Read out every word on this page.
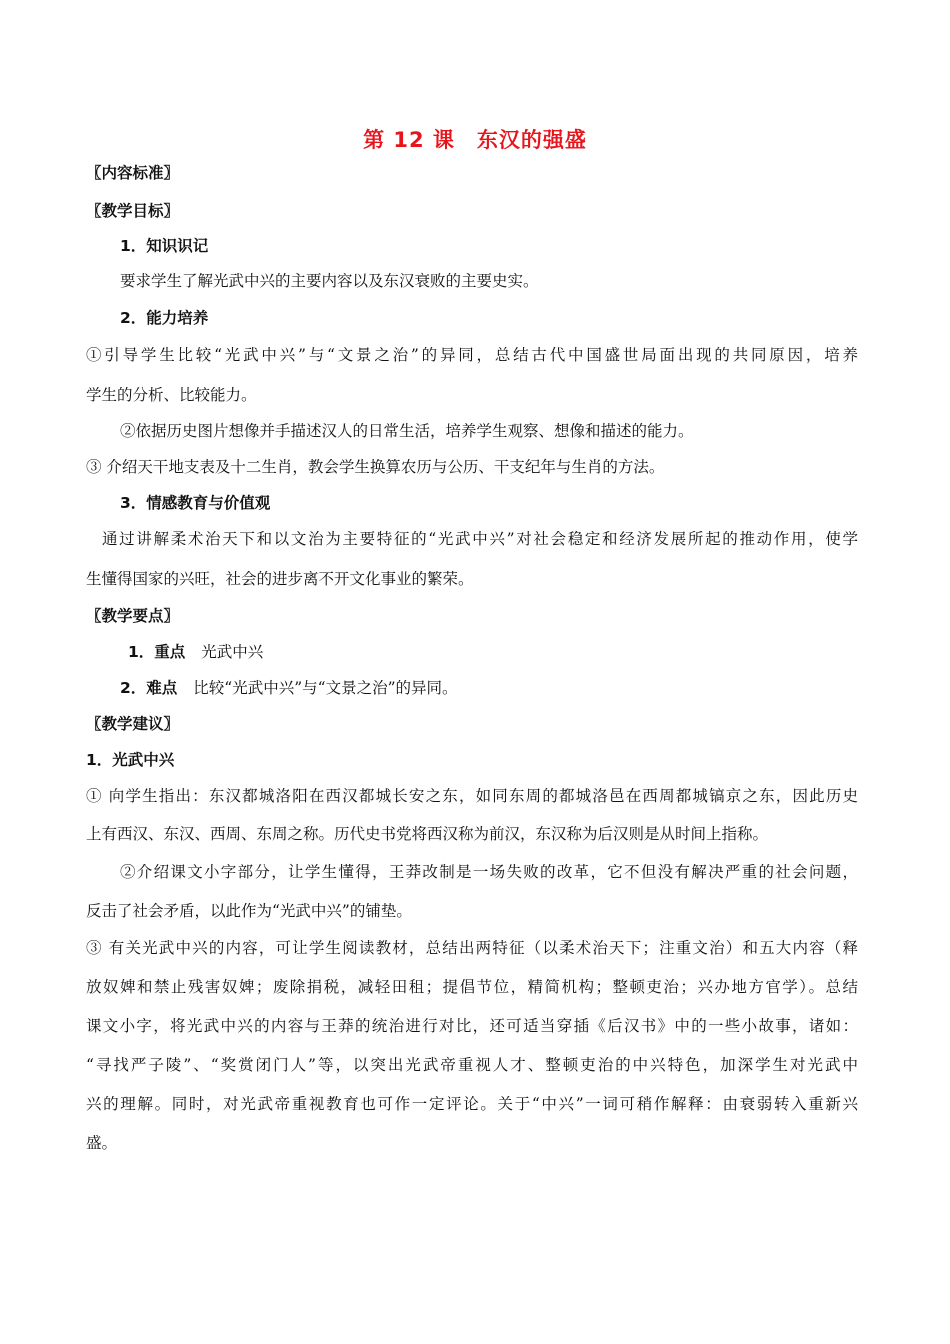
第 12 课　东汉的强盛
〖内容标准〗
〖教学目标〗
1．知识识记
要求学生了解光武中兴的主要内容以及东汉衰败的主要史实。
2．能力培养
①引导学生比较“光武中兴”与“文景之治”的异同，总结古代中国盛世局面出现的共同原因，培养
学生的分析、比较能力。
②依据历史图片想像并手描述汉人的日常生活，培养学生观察、想像和描述的能力。
③ 介绍天干地支表及十二生肖，教会学生换算农历与公历、干支纪年与生肖的方法。
3．情感教育与价值观
通过讲解柔术治天下和以文治为主要特征的“光武中兴”对社会稳定和经济发展所起的推动作用，使学
生懂得国家的兴旺，社会的进步离不开文化事业的繁荣。
〖教学要点〗
1．重点 光武中兴
2．难点 比较“光武中兴”与“文景之治”的异同。
〖教学建议〗
1．光武中兴
① 向学生指出：东汉都城洛阳在西汉都城长安之东，如同东周的都城洛邑在西周都城镐京之东，因此历史
上有西汉、东汉、西周、东周之称。历代史书党将西汉称为前汉，东汉称为后汉则是从时间上指称。
②介绍课文小字部分，让学生懂得，王莽改制是一场失败的改革，它不但没有解决严重的社会问题，
反击了社会矛盾，以此作为“光武中兴”的铺垫。
③ 有关光武中兴的内容，可让学生阅读教材，总结出两特征（以柔术治天下；注重文治）和五大内容（释
放奴婢和禁止残害奴婢；废除捐税，减轻田租；提倡节位，精简机构；整顿吏治；兴办地方官学）。总结
课文小字，将光武中兴的内容与王莽的统治进行对比，还可适当穿插《后汉书》中的一些小故事，诸如：
“寻找严子陵”、“奖赏闭门人”等，以突出光武帝重视人才、整顿吏治的中兴特色，加深学生对光武中
兴的理解。同时，对光武帝重视教育也可作一定评论。关于“中兴”一词可稍作解释：由衰弱转入重新兴
盛。
